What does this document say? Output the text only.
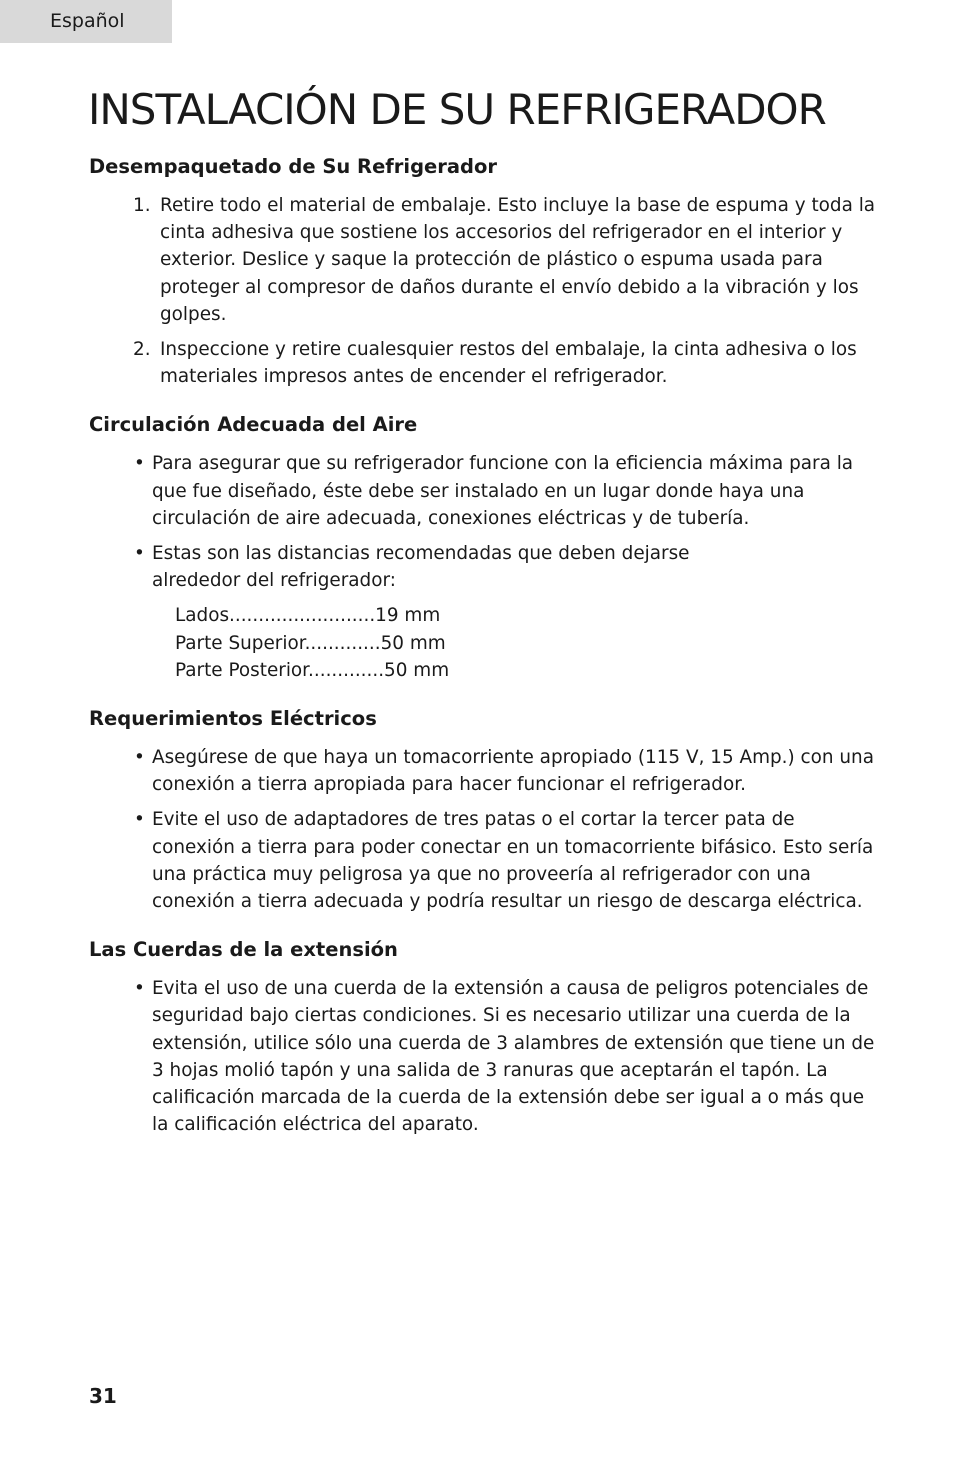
Español
INSTALACIÓN DE SU REFRIGERADOR
Desempaquetado de Su Refrigerador
1. Retire todo el material de embalaje. Esto incluye la base de espuma y toda la cinta adhesiva que sostiene los accesorios del refrigerador en el interior y exterior. Deslice y saque la protección de plástico o espuma usada para proteger al compresor de daños durante el envío debido a la vibración y los golpes.
2. Inspeccione y retire cualesquier restos del embalaje, la cinta adhesiva o los materiales impresos antes de encender el refrigerador.
Circulación Adecuada del Aire
• Para asegurar que su refrigerador funcione con la eficiencia máxima para la que fue diseñado, éste debe ser instalado en un lugar donde haya una circulación de aire adecuada, conexiones eléctricas y de tubería.
• Estas son las distancias recomendadas que deben dejarse alrededor del refrigerador:
Lados.........................19 mm
Parte Superior.............50 mm
Parte Posterior.............50 mm
Requerimientos Eléctricos
• Asegúrese de que haya un tomacorriente apropiado (115 V, 15 Amp.) con una conexión a tierra apropiada para hacer funcionar el refrigerador.
• Evite el uso de adaptadores de tres patas o el cortar la tercer pata de conexión a tierra para poder conectar en un tomacorriente bifásico. Esto sería una práctica muy peligrosa ya que no proveería al refrigerador con una conexión a tierra adecuada y podría resultar un riesgo de descarga eléctrica.
Las Cuerdas de la extensión
• Evita el uso de una cuerda de la extensión a causa de peligros potenciales de seguridad bajo ciertas condiciones. Si es necesario utilizar una cuerda de la extensión, utilice sólo una cuerda de 3 alambres de extensión que tiene un de 3 hojas molió tapón y una salida de 3 ranuras que aceptarán el tapón. La calificación marcada de la cuerda de la extensión debe ser igual a o más que la calificación eléctrica del aparato.
31
